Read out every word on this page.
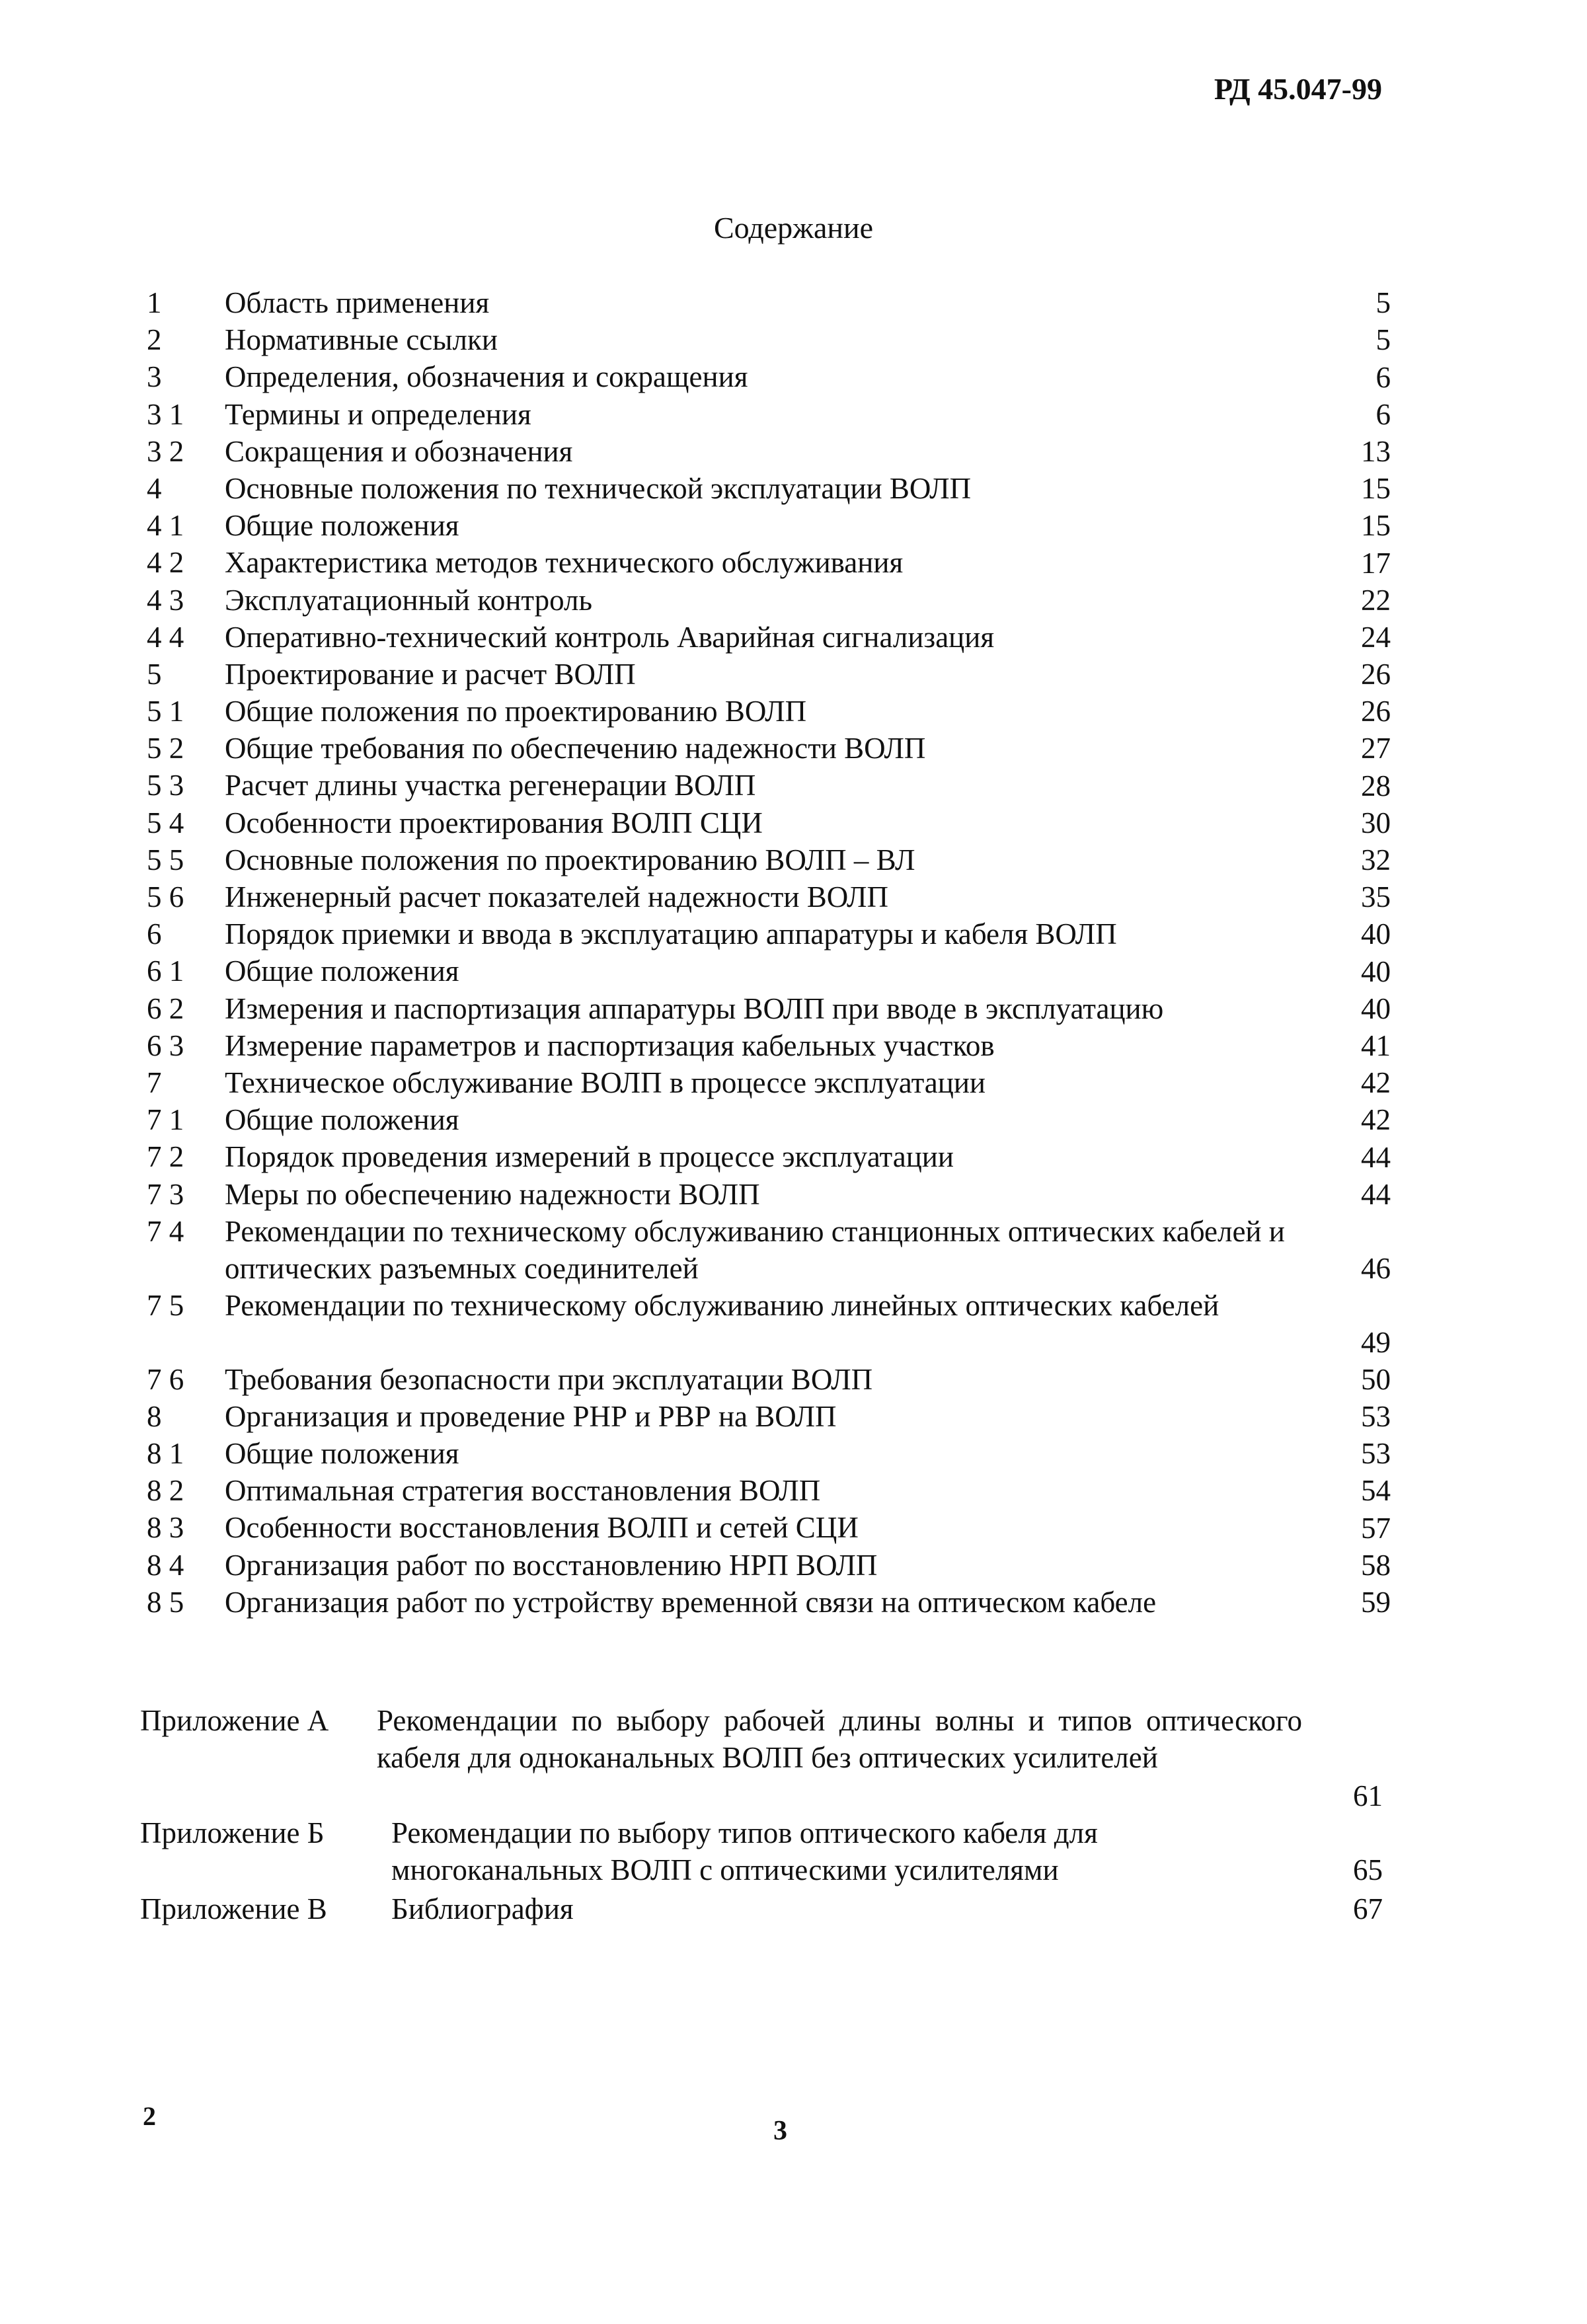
РД 45.047-99
Содержание
1	Область применения	5
2	Нормативные ссылки	5
3	Определения, обозначения и сокращения	6
3 1	Термины и определения	6
3 2	Сокращения и обозначения	13
4	Основные положения по технической эксплуатации ВОЛП	15
4 1	Общие положения	15
4 2	Характеристика методов технического обслуживания	17
4 3	Эксплуатационный контроль	22
4 4	Оперативно-технический контроль Аварийная сигнализация	24
5	Проектирование и расчет ВОЛП	26
5 1	Общие положения по проектированию ВОЛП	26
5 2	Общие требования по обеспечению надежности ВОЛП	27
5 3	Расчет длины участка регенерации ВОЛП	28
5 4	Особенности проектирования ВОЛП СЦИ	30
5 5	Основные положения по проектированию ВОЛП – ВЛ	32
5 6	Инженерный расчет показателей надежности ВОЛП	35
6	Порядок приемки и ввода в эксплуатацию аппаратуры и кабеля ВОЛП	40
6 1	Общие положения	40
6 2	Измерения и паспортизация аппаратуры ВОЛП при вводе в эксплуатацию	40
6 3	Измерение параметров и паспортизация кабельных участков	41
7	Техническое обслуживание ВОЛП в процессе эксплуатации	42
7 1	Общие положения	42
7 2	Порядок проведения измерений в процессе эксплуатации	44
7 3	Меры по обеспечению надежности ВОЛП	44
7 4	Рекомендации по техническому обслуживанию станционных оптических кабелей и оптических разъемных соединителей	46
7 5	Рекомендации по техническому обслуживанию линейных оптических кабелей
49
7 6	Требования безопасности при эксплуатации ВОЛП	50
8	Организация и проведение РНР и РВР на ВОЛП	53
8 1	Общие положения	53
8 2	Оптимальная стратегия восстановления ВОЛП	54
8 3	Особенности восстановления ВОЛП и сетей СЦИ	57
8 4	Организация работ по восстановлению НРП ВОЛП	58
8 5	Организация работ по устройству временной связи на оптическом кабеле	59
Приложение А Рекомендации по выбору рабочей длины волны и типов оптического кабеля для одноканальных ВОЛП без оптических усилителей
61
Приложение Б Рекомендации по выбору типов оптического кабеля для многоканальных ВОЛП с оптическими усилителями	65
Приложение В Библиография	67
2	3
